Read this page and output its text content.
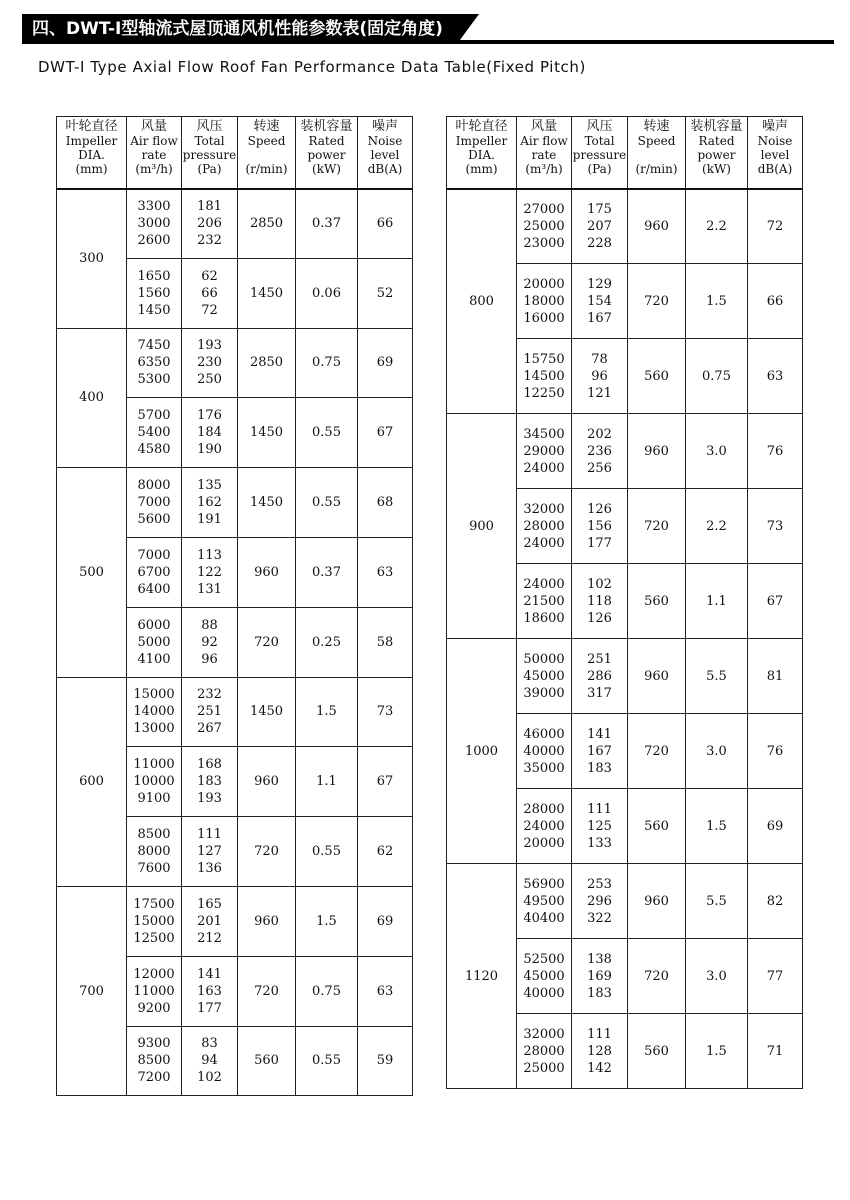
四、DWT-I型轴流式屋顶通风机性能参数表(固定角度)
DWT-I Type Axial Flow Roof Fan Performance Data Table(Fixed Pitch)
叶轮直径
Impeller
DIA.
(mm)	风量
Air flow
rate
(m³/h)	风压
Total
pressure
(Pa)	转速
Speed

(r/min)	装机容量
Rated
power
(kW)	噪声
Noise
level
dB(A)

300	3300
3000
2600	181
206
232	2850	0.37	66

	1650
1560
1450	62
66
72	1450	0.06	52
400	7450
6350
5300	193
230
250	2850	0.75	69

	5700
5400
4580	176
184
190	1450	0.55	67
500	8000
7000
5600	135
162
191	1450	0.55	68

	7000
6700
6400	113
122
131	960	0.37	63

	6000
5000
4100	88
92
96	720	0.25	58
600	15000
14000
13000	232
251
267	1450	1.5	73

	11000
10000
9100	168
183
193	960	1.1	67

	8500
8000
7600	111
127
136	720	0.55	62
700	17500
15000
12500	165
201
212	960	1.5	69

	12000
11000
9200	141
163
177	720	0.75	63

	9300
8500
7200	83
94
102	560	0.55	59
叶轮直径
Impeller
DIA.
(mm)	风量
Air flow
rate
(m³/h)	风压
Total
pressure
(Pa)	转速
Speed

(r/min)	装机容量
Rated
power
(kW)	噪声
Noise
level
dB(A)

800	27000
25000
23000	175
207
228	960	2.2	72

	20000
18000
16000	129
154
167	720	1.5	66

	15750
14500
12250	78
96
121	560	0.75	63
900	34500
29000
24000	202
236
256	960	3.0	76

	32000
28000
24000	126
156
177	720	2.2	73

	24000
21500
18600	102
118
126	560	1.1	67
1000	50000
45000
39000	251
286
317	960	5.5	81

	46000
40000
35000	141
167
183	720	3.0	76

	28000
24000
20000	111
125
133	560	1.5	69
1120	56900
49500
40400	253
296
322	960	5.5	82

	52500
45000
40000	138
169
183	720	3.0	77

	32000
28000
25000	111
128
142	560	1.5	71
